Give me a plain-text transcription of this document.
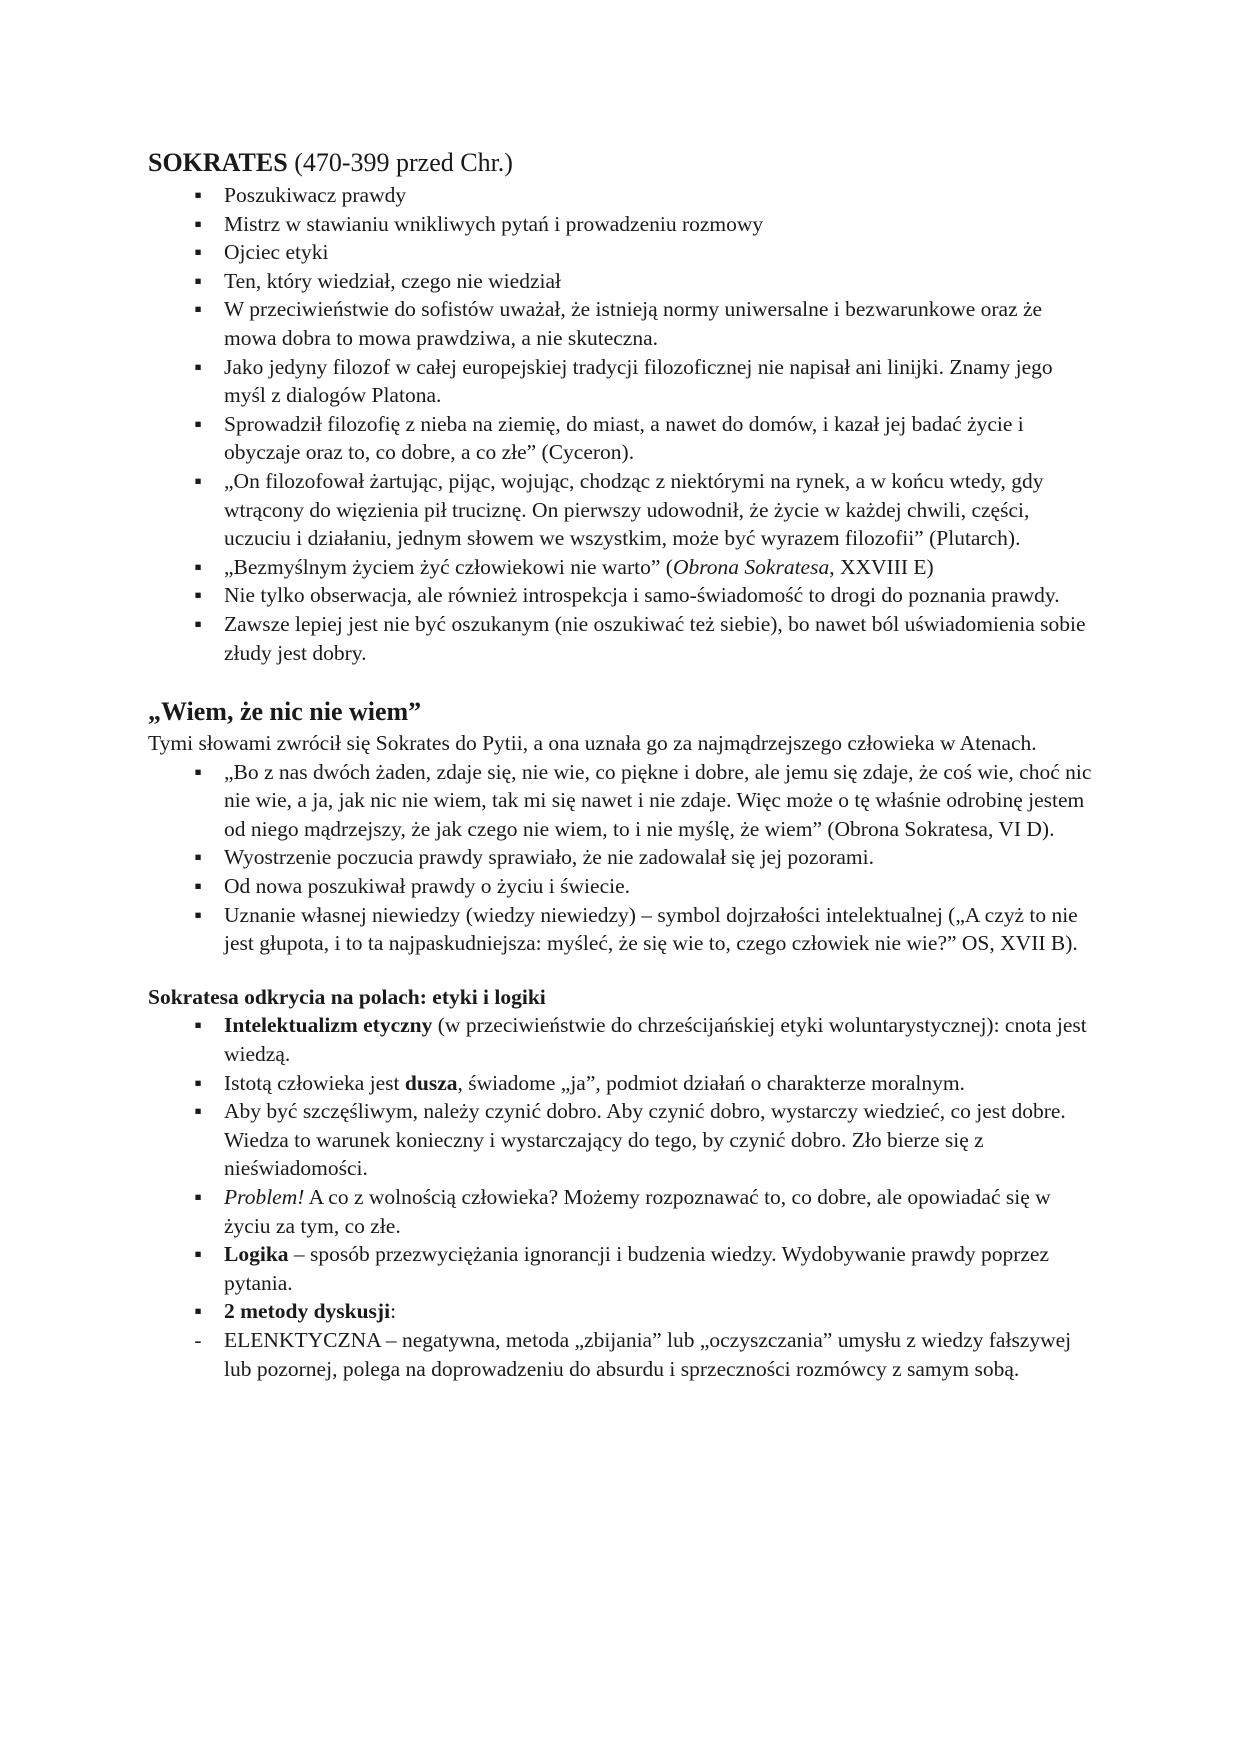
SOKRATES (470-399 przed Chr.)
▪ Poszukiwacz prawdy
▪ Mistrz w stawianiu wnikliwych pytań i prowadzeniu rozmowy
▪ Ojciec etyki
▪ Ten, który wiedział, czego nie wiedział
▪ W przeciwieństwie do sofistów uważał, że istnieją normy uniwersalne i bezwarunkowe oraz że mowa dobra to mowa prawdziwa, a nie skuteczna.
▪ Jako jedyny filozof w całej europejskiej tradycji filozoficznej nie napisał ani linijki. Znamy jego myśl z dialogów Platona.
▪ Sprowadził filozofię z nieba na ziemię, do miast, a nawet do domów, i kazał jej badać życie i obyczaje oraz to, co dobre, a co złe” (Cyceron).
▪ „On filozofował żartując, pijąc, wojując, chodząc z niektórymi na rynek, a w końcu wtedy, gdy wtrącony do więzienia pił truciznę. On pierwszy udowodnił, że życie w każdej chwili, części, uczuciu i działaniu, jednym słowem we wszystkim, może być wyrazem filozofii” (Plutarch).
▪ „Bezmyślnym życiem żyć człowiekowi nie warto” (Obrona Sokratesa, XXVIII E)
▪ Nie tylko obserwacja, ale również introspekcja i samo-świadomość to drogi do poznania prawdy.
▪ Zawsze lepiej jest nie być oszukanym (nie oszukiwać też siebie), bo nawet ból uświadomienia sobie złudy jest dobry.
„Wiem, że nic nie wiem”

Tymi słowami zwrócił się Sokrates do Pytii, a ona uznała go za najmądrzejszego człowieka w Atenach.

▪ „Bo z nas dwóch żaden, zdaje się, nie wie, co piękne i dobre, ale jemu się zdaje, że coś wie, choć nic nie wie, a ja, jak nic nie wiem, tak mi się nawet i nie zdaje. Więc może o tę właśnie odrobinę jestem od niego mądrzejszy, że jak czego nie wiem, to i nie myślę, że wiem” (Obrona Sokratesa, VI D).
▪ Wyostrzenie poczucia prawdy sprawiało, że nie zadowalał się jej pozorami.
▪ Od nowa poszukiwał prawdy o życiu i świecie.
▪ Uznanie własnej niewiedzy (wiedzy niewiedzy) – symbol dojrzałości intelektualnej („A czyż to nie jest głupota, i to ta najpaskudniejsza: myśleć, że się wie to, czego człowiek nie wie?” OS, XVII B).
Sokratesa odkrycia na polach: etyki i logiki
▪ Intelektualizm etyczny (w przeciwieństwie do chrześcijańskiej etyki woluntarystycznej): cnota jest wiedzą.
▪ Istotą człowieka jest dusza, świadome „ja”, podmiot działań o charakterze moralnym.
▪ Aby być szczęśliwym, należy czynić dobro. Aby czynić dobro, wystarczy wiedzieć, co jest dobre. Wiedza to warunek konieczny i wystarczający do tego, by czynić dobro. Zło bierze się z nieświadomości.
▪ Problem! A co z wolnością człowieka? Możemy rozpoznawać to, co dobre, ale opowiadać się w życiu za tym, co złe.
▪ Logika – sposób przezwyciężania ignorancji i budzenia wiedzy. Wydobywanie prawdy poprzez pytania.
▪ 2 metody dyskusji:
- ELENKTYCZNA – negatywna, metoda „zbijania” lub „oczyszczania” umysłu z wiedzy fałszywej lub pozornej, polega na doprowadzeniu do absurdu i sprzeczności rozmówcy z samym sobą.
